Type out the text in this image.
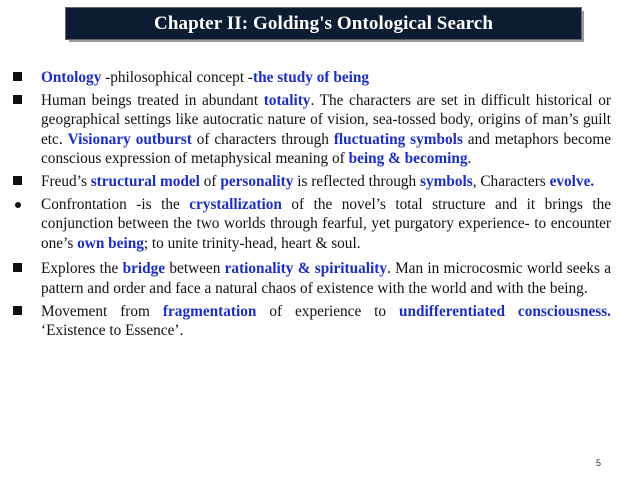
Chapter II: Golding's Ontological Search
Ontology -philosophical concept -the study of being
Human beings treated in abundant totality. The characters are set in difficult historical or geographical settings like autocratic nature of vision, sea-tossed body, origins of man’s guilt etc. Visionary outburst of characters through fluctuating symbols and metaphors become conscious expression of metaphysical meaning of being & becoming.
Freud’s structural model of personality is reflected through symbols, Characters evolve.
Confrontation -is the crystallization of the novel’s total structure and it brings the conjunction between the two worlds through fearful, yet purgatory experience- to encounter one’s own being; to unite trinity-head, heart & soul.
Explores the bridge between rationality & spirituality. Man in microcosmic world seeks a pattern and order and face a natural chaos of existence with the world and with the being.
Movement from fragmentation of experience to undifferentiated consciousness. ‘Existence to Essence’.
5
